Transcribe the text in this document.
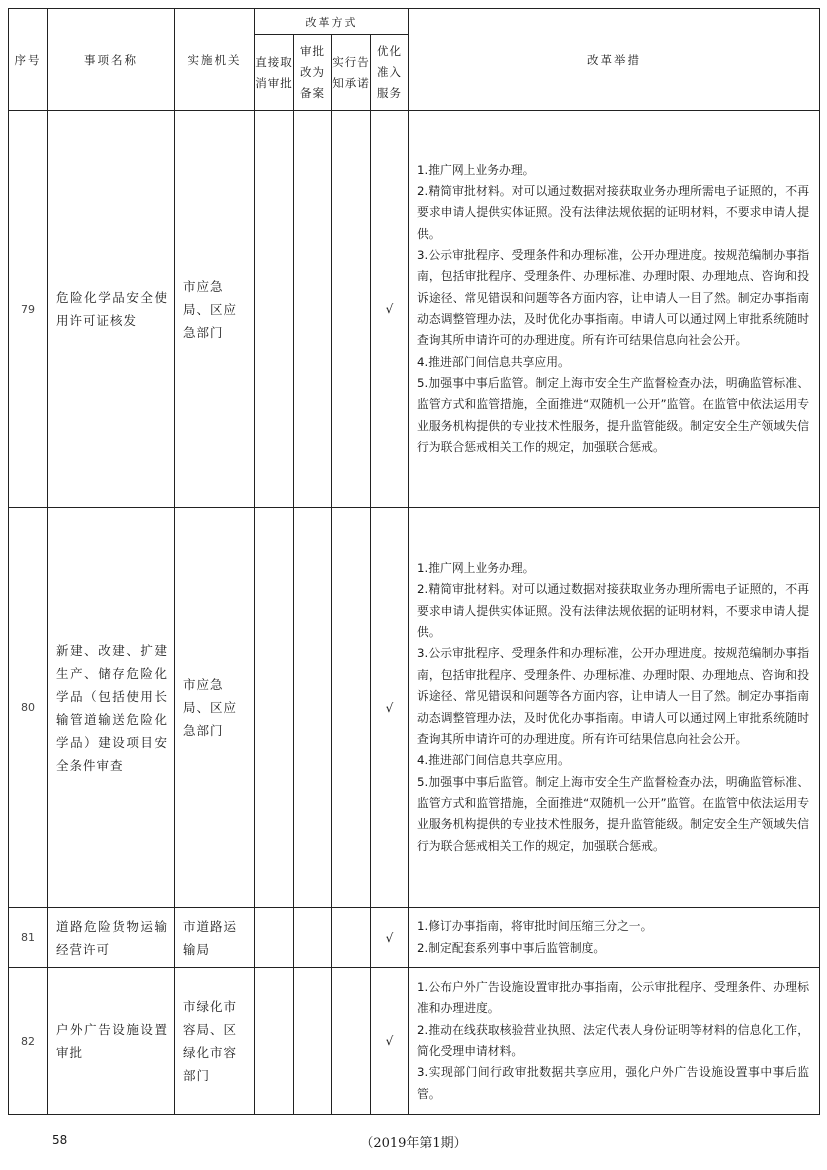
序号	事项名称	实施机关	改革方式				改革举措
			直接取消审批	审批改为备案	实行告知承诺	优化准入服务	
79	危险化学品安全使用许可证核发	市应急局、区应急部门				√	1.推广网上业务办理。

2.精简审批材料。对可以通过数据对接获取业务办理所需电子证照的，不再要求申请人提供实体证照。没有法律法规依据的证明材料，不要求申请人提供。

3.公示审批程序、受理条件和办理标准，公开办理进度。按规范编制办事指南，包括审批程序、受理条件、办理标准、办理时限、办理地点、咨询和投诉途径、常见错误和问题等各方面内容，让申请人一目了然。制定办事指南动态调整管理办法，及时优化办事指南。申请人可以通过网上审批系统随时查询其所申请许可的办理进度。所有许可结果信息向社会公开。

4.推进部门间信息共享应用。

5.加强事中事后监管。制定上海市安全生产监督检查办法，明确监管标准、监管方式和监管措施，全面推进“双随机一公开”监管。在监管中依法运用专业服务机构提供的专业技术性服务，提升监管能级。制定安全生产领域失信行为联合惩戒相关工作的规定，加强联合惩戒。

80	新建、改建、扩建生产、储存危险化学品（包括使用长输管道输送危险化学品）建设项目安全条件审查	市应急局、区应急部门				√	1.推广网上业务办理。

2.精简审批材料。对可以通过数据对接获取业务办理所需电子证照的，不再要求申请人提供实体证照。没有法律法规依据的证明材料，不要求申请人提供。

3.公示审批程序、受理条件和办理标准，公开办理进度。按规范编制办事指南，包括审批程序、受理条件、办理标准、办理时限、办理地点、咨询和投诉途径、常见错误和问题等各方面内容，让申请人一目了然。制定办事指南动态调整管理办法，及时优化办事指南。申请人可以通过网上审批系统随时查询其所申请许可的办理进度。所有许可结果信息向社会公开。

4.推进部门间信息共享应用。

5.加强事中事后监管。制定上海市安全生产监督检查办法，明确监管标准、监管方式和监管措施，全面推进“双随机一公开”监管。在监管中依法运用专业服务机构提供的专业技术性服务，提升监管能级。制定安全生产领域失信行为联合惩戒相关工作的规定，加强联合惩戒。

81	道路危险货物运输经营许可	市道路运输局				√	1.修订办事指南，将审批时间压缩三分之一。

2.制定配套系列事中事后监管制度。

82	户外广告设施设置审批	市绿化市容局、区绿化市容部门				√	1.公布户外广告设施设置审批办事指南，公示审批程序、受理条件、办理标准和办理进度。

2.推动在线获取核验营业执照、法定代表人身份证明等材料的信息化工作，简化受理申请材料。

3.实现部门间行政审批数据共享应用，强化户外广告设施设置事中事后监管。

58	（2019年第1期）
